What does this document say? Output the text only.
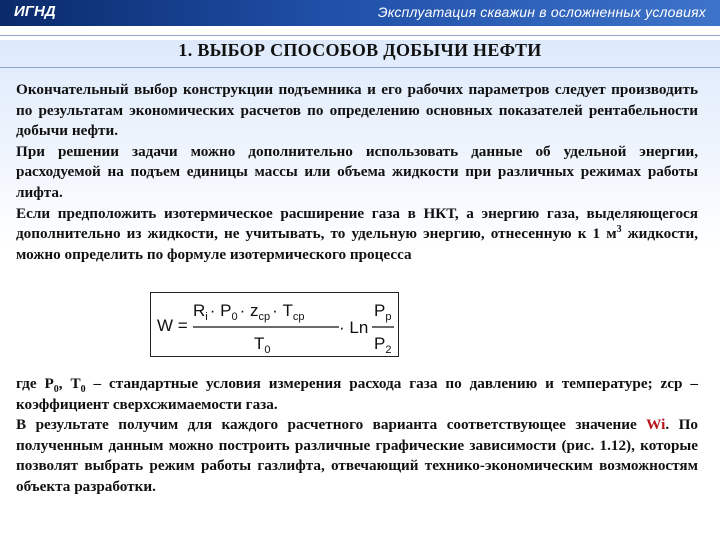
ИГНД	Эксплуатация скважин в осложненных условиях
1. ВЫБОР СПОСОБОВ ДОБЫЧИ НЕФТИ

Окончательный выбор конструкции подъемника и его рабочих параметров следует производить по результатам экономических расчетов по определению основных показателей рентабельности добычи нефти.

При решении задачи можно дополнительно использовать данные об удельной энергии, расходуемой на подъем единицы массы или объема жидкости при различных режимах работы лифта.

Если предположить изотермическое расширение газа в НКТ, а энергию газа, выделяющегося дополнительно из жидкости, не учитывать, то удельную энергию, отнесенную к 1 $м^3$ жидкости, можно определить по формуле изотермического процесса

W =
$R_i \cdot P_0 \cdot z_{ср} \cdot T_{ср}$
$T_0$
· Ln
$P_р$
$P_2$

где $Р_0$, $Т_0$ – стандартные условия измерения расхода газа по давлению и температуре; zср – коэффициент сверхсжимаемости газа.

В результате получим для каждого расчетного варианта соответствующее значение Wi. По полученным данным можно построить различные графические зависимости (рис. 1.12), которые позволят выбрать режим работы газлифта, отвечающий технико-экономическим возможностям объекта разработки.
